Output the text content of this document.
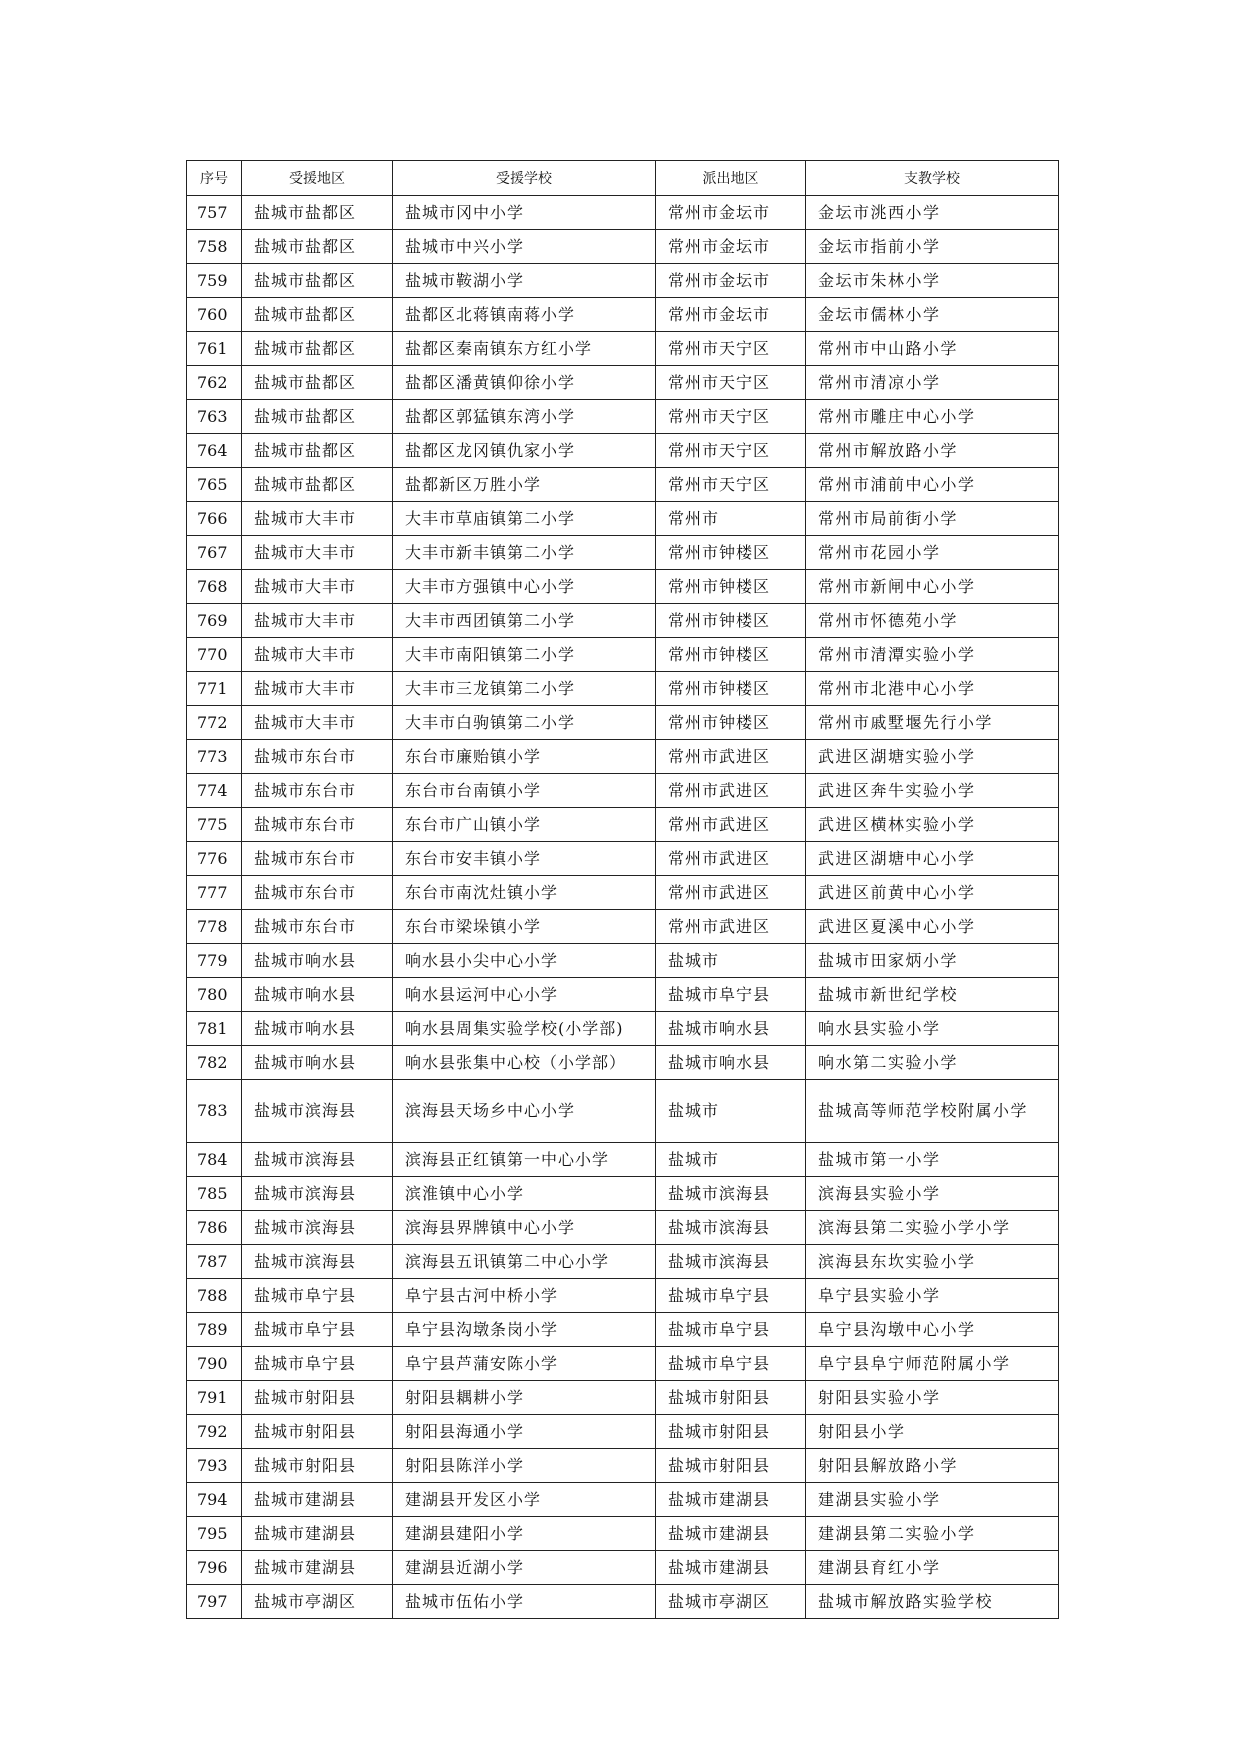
序号	受援地区	受援学校	派出地区	支教学校
757	盐城市盐都区	盐城市冈中小学	常州市金坛市	金坛市洮西小学
758	盐城市盐都区	盐城市中兴小学	常州市金坛市	金坛市指前小学
759	盐城市盐都区	盐城市鞍湖小学	常州市金坛市	金坛市朱林小学
760	盐城市盐都区	盐都区北蒋镇南蒋小学	常州市金坛市	金坛市儒林小学
761	盐城市盐都区	盐都区秦南镇东方红小学	常州市天宁区	常州市中山路小学
762	盐城市盐都区	盐都区潘黄镇仰徐小学	常州市天宁区	常州市清凉小学
763	盐城市盐都区	盐都区郭猛镇东湾小学	常州市天宁区	常州市雕庄中心小学
764	盐城市盐都区	盐都区龙冈镇仇家小学	常州市天宁区	常州市解放路小学
765	盐城市盐都区	盐都新区万胜小学	常州市天宁区	常州市浦前中心小学
766	盐城市大丰市	大丰市草庙镇第二小学	常州市	常州市局前街小学
767	盐城市大丰市	大丰市新丰镇第二小学	常州市钟楼区	常州市花园小学
768	盐城市大丰市	大丰市方强镇中心小学	常州市钟楼区	常州市新闸中心小学
769	盐城市大丰市	大丰市西团镇第二小学	常州市钟楼区	常州市怀德苑小学
770	盐城市大丰市	大丰市南阳镇第二小学	常州市钟楼区	常州市清潭实验小学
771	盐城市大丰市	大丰市三龙镇第二小学	常州市钟楼区	常州市北港中心小学
772	盐城市大丰市	大丰市白驹镇第二小学	常州市钟楼区	常州市戚墅堰先行小学
773	盐城市东台市	东台市廉贻镇小学	常州市武进区	武进区湖塘实验小学
774	盐城市东台市	东台市台南镇小学	常州市武进区	武进区奔牛实验小学
775	盐城市东台市	东台市广山镇小学	常州市武进区	武进区横林实验小学
776	盐城市东台市	东台市安丰镇小学	常州市武进区	武进区湖塘中心小学
777	盐城市东台市	东台市南沈灶镇小学	常州市武进区	武进区前黄中心小学
778	盐城市东台市	东台市梁垛镇小学	常州市武进区	武进区夏溪中心小学
779	盐城市响水县	响水县小尖中心小学	盐城市	盐城市田家炳小学
780	盐城市响水县	响水县运河中心小学	盐城市阜宁县	盐城市新世纪学校
781	盐城市响水县	响水县周集实验学校(小学部)	盐城市响水县	响水县实验小学
782	盐城市响水县	响水县张集中心校（小学部）	盐城市响水县	响水第二实验小学
783	盐城市滨海县	滨海县天场乡中心小学	盐城市	盐城高等师范学校附属小学
784	盐城市滨海县	滨海县正红镇第一中心小学	盐城市	盐城市第一小学
785	盐城市滨海县	滨淮镇中心小学	盐城市滨海县	滨海县实验小学
786	盐城市滨海县	滨海县界牌镇中心小学	盐城市滨海县	滨海县第二实验小学小学
787	盐城市滨海县	滨海县五讯镇第二中心小学	盐城市滨海县	滨海县东坎实验小学
788	盐城市阜宁县	阜宁县古河中桥小学	盐城市阜宁县	阜宁县实验小学
789	盐城市阜宁县	阜宁县沟墩条岗小学	盐城市阜宁县	阜宁县沟墩中心小学
790	盐城市阜宁县	阜宁县芦蒲安陈小学	盐城市阜宁县	阜宁县阜宁师范附属小学
791	盐城市射阳县	射阳县耦耕小学	盐城市射阳县	射阳县实验小学
792	盐城市射阳县	射阳县海通小学	盐城市射阳县	射阳县小学
793	盐城市射阳县	射阳县陈洋小学	盐城市射阳县	射阳县解放路小学
794	盐城市建湖县	建湖县开发区小学	盐城市建湖县	建湖县实验小学
795	盐城市建湖县	建湖县建阳小学	盐城市建湖县	建湖县第二实验小学
796	盐城市建湖县	建湖县近湖小学	盐城市建湖县	建湖县育红小学
797	盐城市亭湖区	盐城市伍佑小学	盐城市亭湖区	盐城市解放路实验学校
